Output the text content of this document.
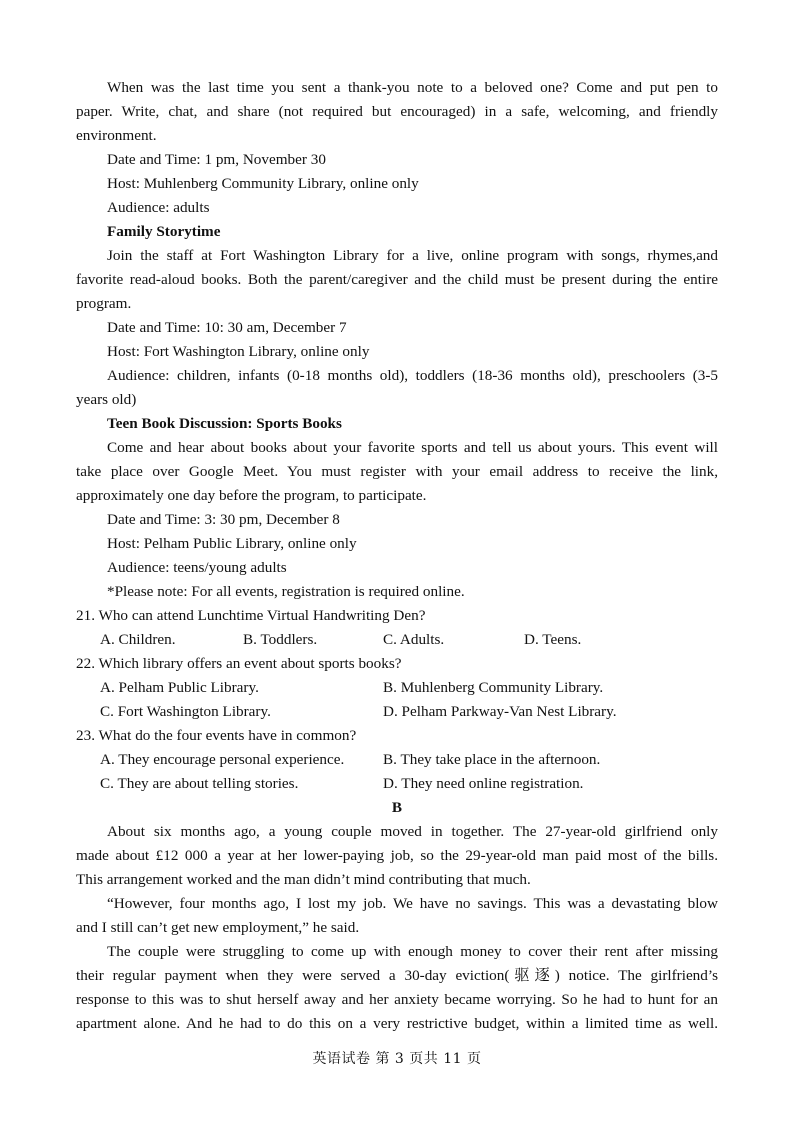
When was the last time you sent a thank-you note to a beloved one? Come and put pen to
paper. Write, chat, and share (not required but encouraged) in a safe, welcoming, and friendly
environment.
Date and Time: 1 pm, November 30
Host: Muhlenberg Community Library, online only
Audience: adults
Family Storytime
Join the staff at Fort Washington Library for a live, online program with songs, rhymes,and
favorite read-aloud books. Both the parent/caregiver and the child must be present during the entire
program.
Date and Time: 10: 30 am, December 7
Host: Fort Washington Library, online only
Audience: children, infants (0-18 months old), toddlers (18-36 months old), preschoolers (3-5
years old)
Teen Book Discussion: Sports Books
Come and hear about books about your favorite sports and tell us about yours. This event will
take place over Google Meet. You must register with your email address to receive the link,
approximately one day before the program, to participate.
Date and Time: 3: 30 pm, December 8
Host: Pelham Public Library, online only
Audience: teens/young adults
*Please note: For all events, registration is required online.
21. Who can attend Lunchtime Virtual Handwriting Den?
A. Children.	B. Toddlers.	C. Adults.	D. Teens.
22. Which library offers an event about sports books?
A. Pelham Public Library.	B. Muhlenberg Community Library.
C. Fort Washington Library.	D. Pelham Parkway-Van Nest Library.
23. What do the four events have in common?
A. They encourage personal experience.	B. They take place in the afternoon.
C. They are about telling stories.	D. They need online registration.
B
About six months ago, a young couple moved in together. The 27-year-old girlfriend only
made about £12 000 a year at her lower-paying job, so the 29-year-old man paid most of the bills.
This arrangement worked and the man didn’t mind contributing that much.
“However, four months ago, I lost my job. We have no savings. This was a devastating blow
and I still can’t get new employment,” he said.
The couple were struggling to come up with enough money to cover their rent after missing
their regular payment when they were served a 30-day eviction(驱逐) notice. The girlfriend’s
response to this was to shut herself away and her anxiety became worrying. So he had to hunt for an
apartment alone. And he had to do this on a very restrictive budget, within a limited time as well.
英语试卷 第 3 页共 11 页
